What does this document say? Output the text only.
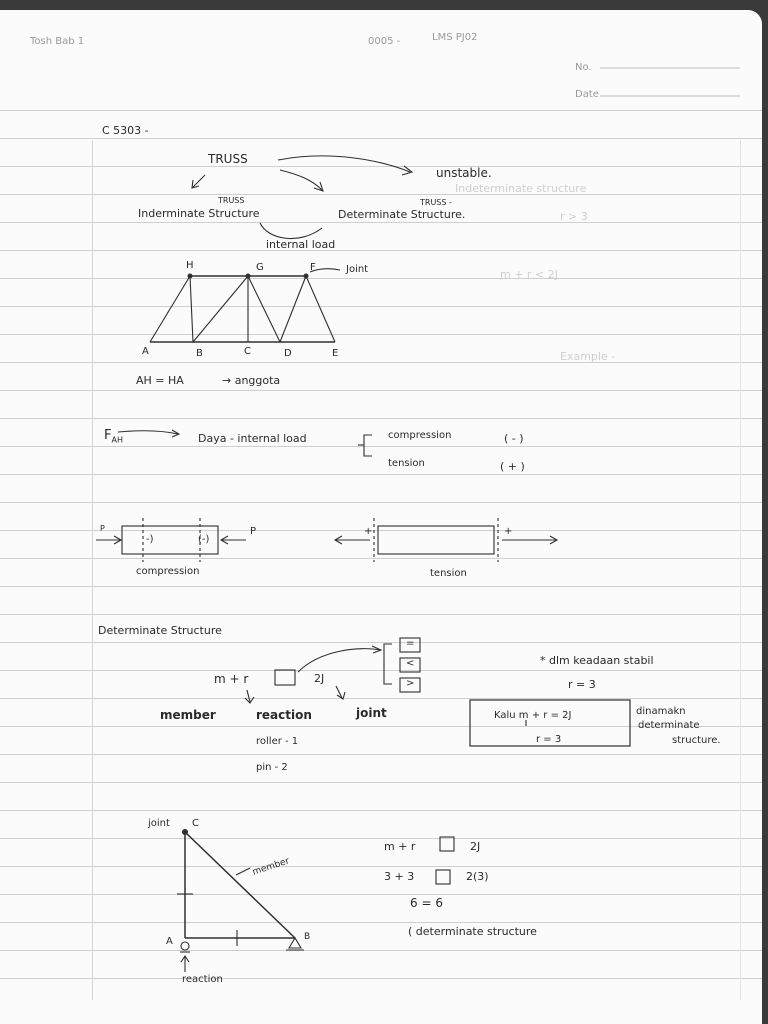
m + r < 2J
Indeterminate structure
Example -
r > 3
Tosh Bab 1	0005 -	LMS PJ02
No.
Date
C 5303 -
TRUSS
unstable.
TRUSS	TRUSS -
Inderminate Structure	Determinate Structure.
internal load
H	G	F	Joint
A	B	C	D	E
AH = HA	→ anggota
$F_{AH}$	Daya - internal load	compression	( - )
tension	( + )
P	P
-)	(-)
+	+
compression	tension
Determinate Structure
=
<
>
m + r	2J
member	reaction	joint
roller - 1
pin - 2
* dlm keadaan stabil
r = 3
Kalu m + r = 2J
r = 3
dinamakn
determinate
structure.
joint C
member
A	B
reaction
m + r	2J
3 + 3	2(3)
6 = 6
( determinate structure
